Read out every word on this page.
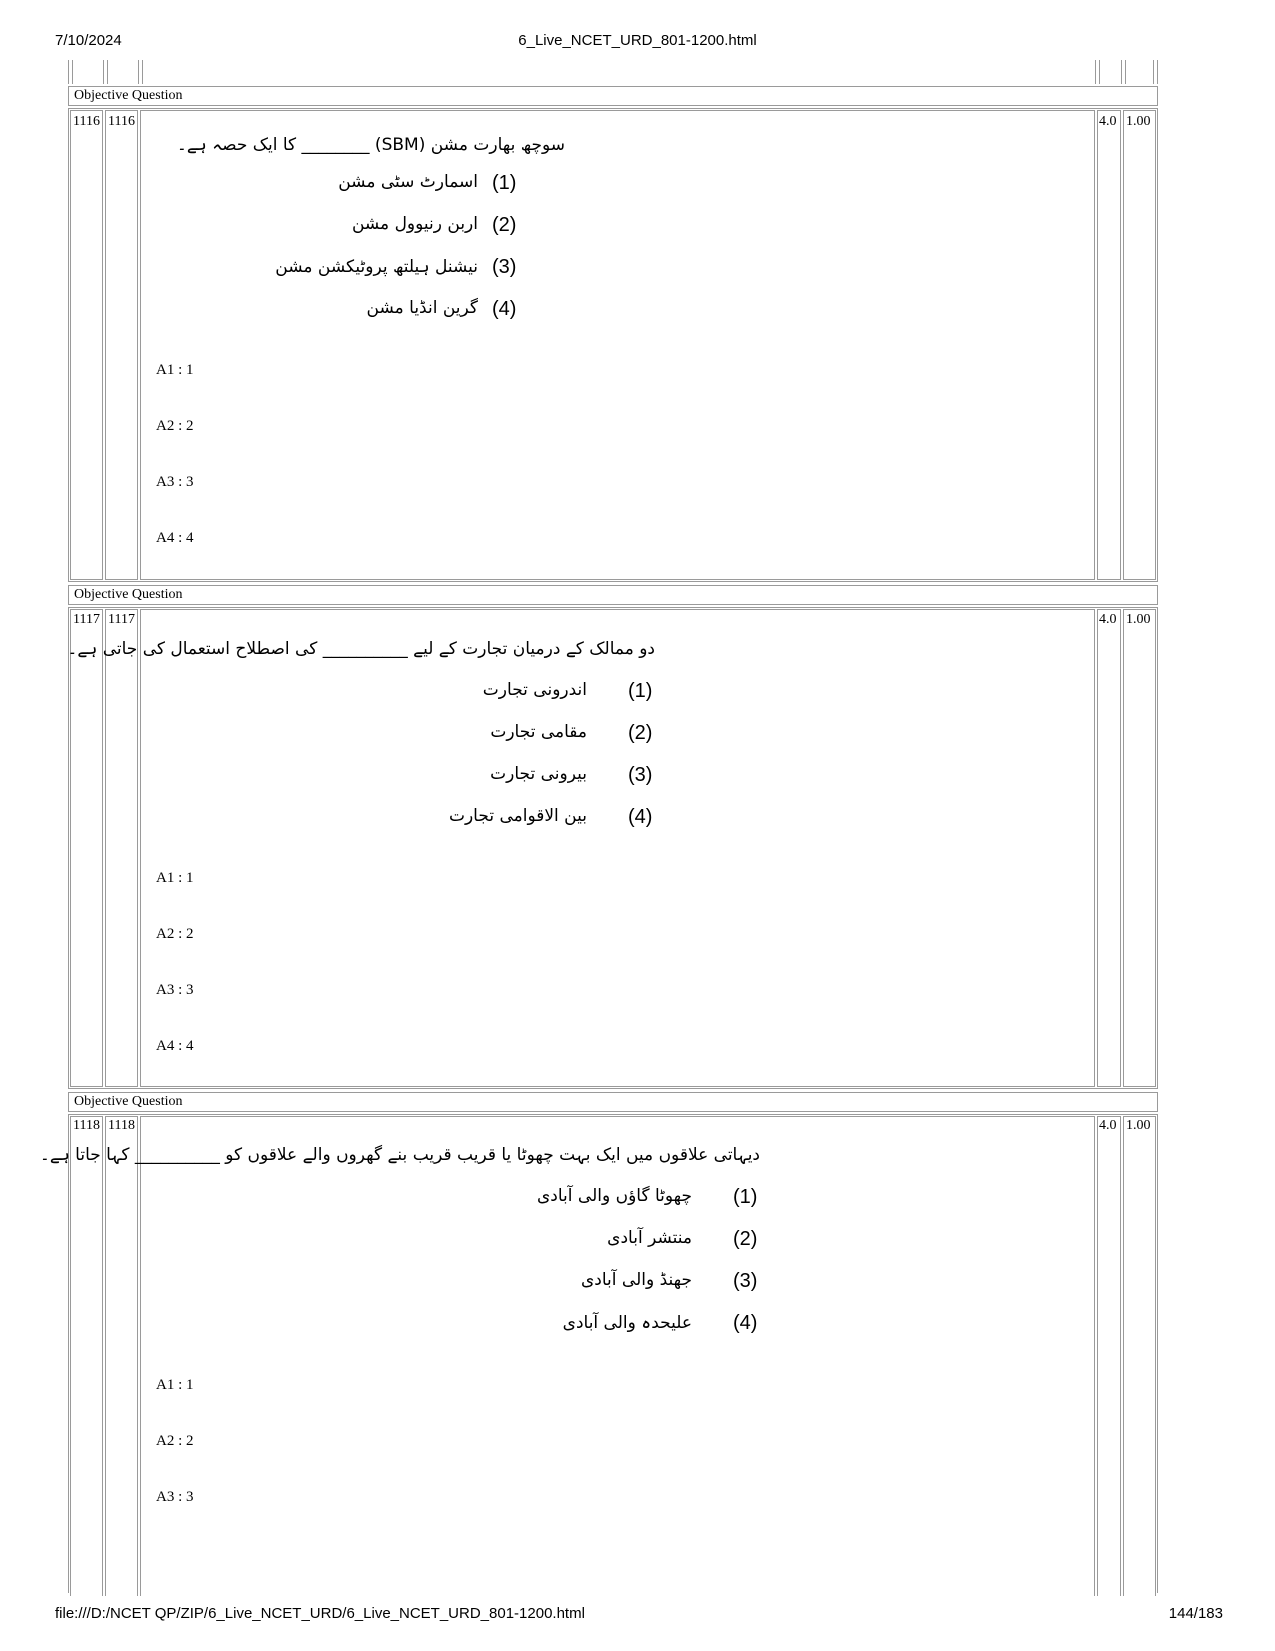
7/10/2024	6_Live_NCET_URD_801-1200.html
Objective Question
1116 1116	4.0 1.00
سوچھ بھارت مشن (SBM) ________ کا ایک حصہ ہے۔
اسمارٹ سٹی مشن (1)
اربن رنیوول مشن (2)
نیشنل ہیلتھ پروٹیکشن مشن (3)
گرین انڈیا مشن (4)
A1 : 1
A2 : 2
A3 : 3
A4 : 4
Objective Question
1117 1117	4.0 1.00
دو ممالک کے درمیان تجارت کے لیے __________ کی اصطلاح استعمال کی جاتی ہے۔
اندرونی تجارت (1)
مقامی تجارت (2)
بیرونی تجارت (3)
بین الاقوامی تجارت (4)
A1 : 1
A2 : 2
A3 : 3
A4 : 4
Objective Question
1118 1118	4.0 1.00
دیہاتی علاقوں میں ایک بہت چھوٹا یا قریب قریب بنے گھروں والے علاقوں کو __________ کہا جاتا ہے۔
چھوٹا گاؤں والی آبادی (1)
منتشر آبادی (2)
جھنڈ والی آبادی (3)
علیحدہ والی آبادی (4)
A1 : 1
A2 : 2
A3 : 3
file:///D:/NCET QP/ZIP/6_Live_NCET_URD/6_Live_NCET_URD_801-1200.html	144/183
